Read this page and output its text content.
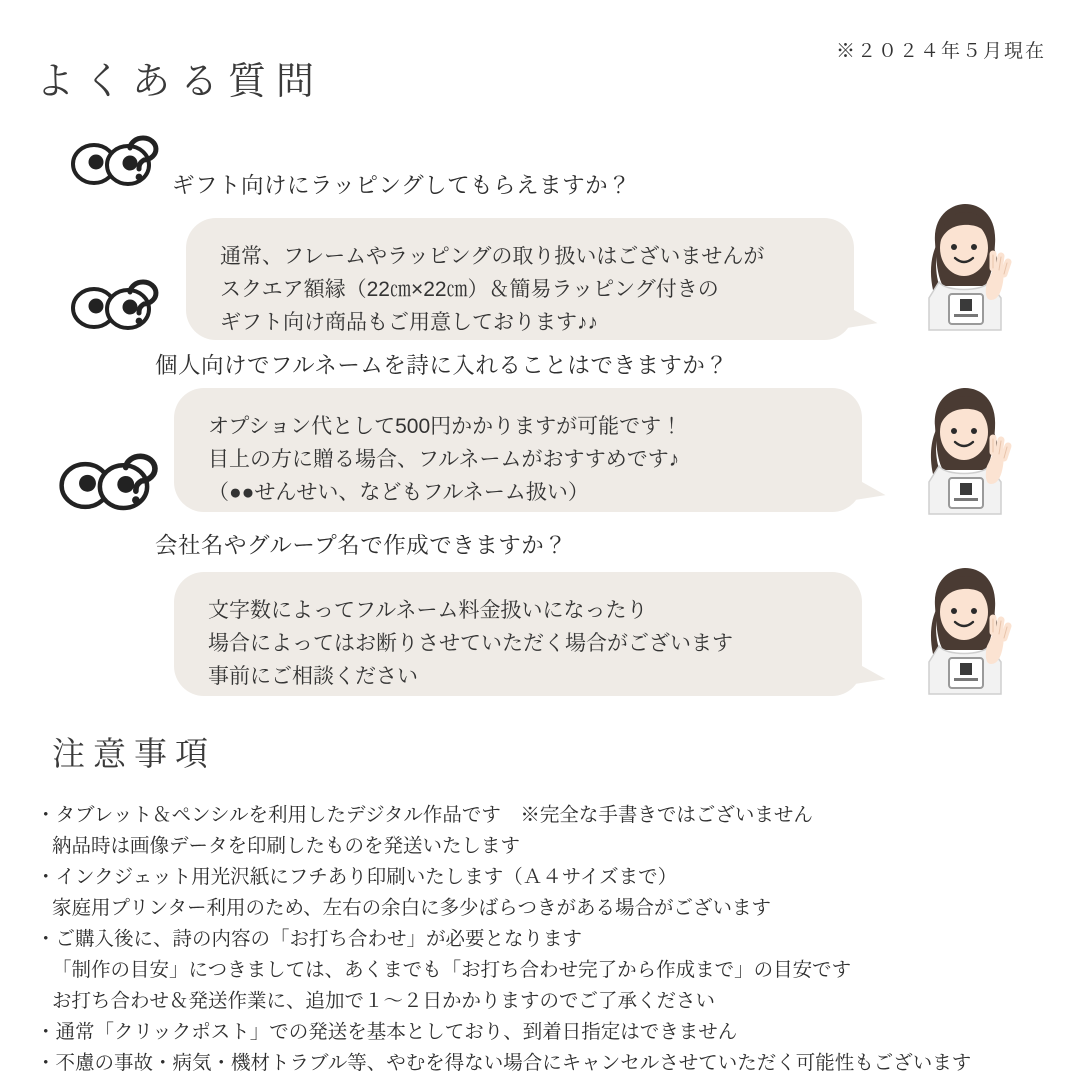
※２０２４年５月現在
よくある質問
ギフト向けにラッピングしてもらえますか？
通常、フレームやラッピングの取り扱いはございませんが
スクエア額縁（22㎝×22㎝）＆簡易ラッピング付きの
ギフト向け商品もご用意しております♪♪
個人向けでフルネームを詩に入れることはできますか？
オプション代として500円かかりますが可能です！
目上の方に贈る場合、フルネームがおすすめです♪
（●●せんせい、などもフルネーム扱い）
会社名やグループ名で作成できますか？
文字数によってフルネーム料金扱いになったり
場合によってはお断りさせていただく場合がございます
事前にご相談ください
注意事項
・タブレット＆ペンシルを利用したデジタル作品です　※完全な手書きではございません
納品時は画像データを印刷したものを発送いたします
・インクジェット用光沢紙にフチあり印刷いたします（Ａ４サイズまで）
家庭用プリンター利用のため、左右の余白に多少ばらつきがある場合がございます
・ご購入後に、詩の内容の「お打ち合わせ」が必要となります
「制作の目安」につきましては、あくまでも「お打ち合わせ完了から作成まで」の目安です
お打ち合わせ＆発送作業に、追加で１～２日かかりますのでご了承ください
・通常「クリックポスト」での発送を基本としており、到着日指定はできません
・不慮の事故・病気・機材トラブル等、やむを得ない場合にキャンセルさせていただく可能性もございます
